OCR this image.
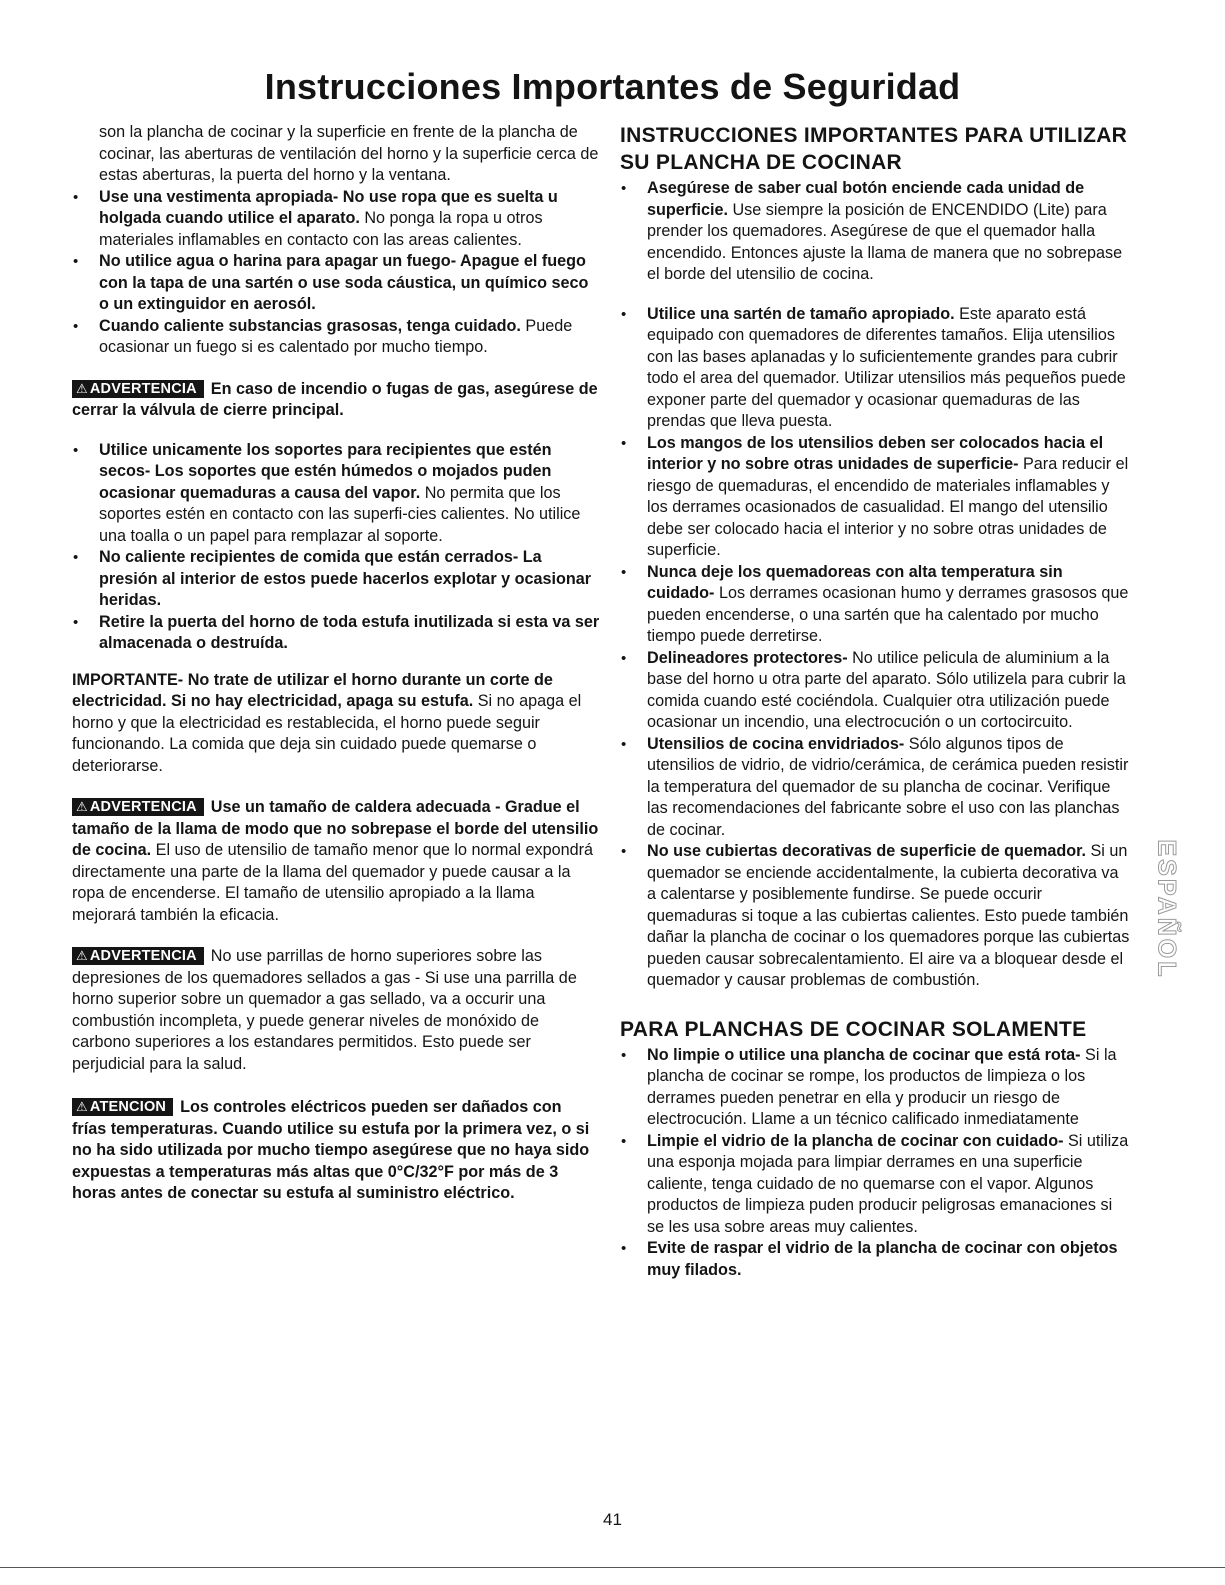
Instrucciones Importantes de Seguridad

son la plancha de cocinar y la superficie en frente de la plancha de cocinar, las aberturas de ventilación del horno y la superficie cerca de estas aberturas, la puerta del horno y la ventana.

• Use una vestimenta apropiada- No use ropa que es suelta u holgada cuando utilice el aparato. No ponga la ropa u otros materiales inflamables en contacto con las areas calientes.
• No utilice agua o harina para apagar un fuego- Apague el fuego con la tapa de una sartén o use soda cáustica, un químico seco o un extinguidor en aerosól.
• Cuando caliente substancias grasosas, tenga cuidado. Puede ocasionar un fuego si es calentado por mucho tiempo.

⚠ ADVERTENCIA En caso de incendio o fugas de gas, asegúrese de cerrar la válvula de cierre principal.

• Utilice unicamente los soportes para recipientes que estén secos- Los soportes que estén húmedos o mojados puden ocasionar quemaduras a causa del vapor. No permita que los soportes estén en contacto con las superfi-cies calientes. No utilice una toalla o un papel para remplazar al soporte.
• No caliente recipientes de comida que están cerrados- La presión al interior de estos puede hacerlos explotar y ocasionar heridas.
• Retire la puerta del horno de toda estufa inutilizada si esta va ser almacenada o destruída.

IMPORTANTE- No trate de utilizar el horno durante un corte de electricidad. Si no hay electricidad, apaga su estufa. Si no apaga el horno y que la electricidad es restablecida, el horno puede seguir funcionando. La comida que deja sin cuidado puede quemarse o deteriorarse.

⚠ ADVERTENCIA Use un tamaño de caldera adecuada - Gradue el tamaño de la llama de modo que no sobrepase el borde del utensilio de cocina. El uso de utensilio de tamaño menor que lo normal expondrá directamente una parte de la llama del quemador y puede causar a la ropa de encenderse. El tamaño de utensilio apropiado a la llama mejorará también la eficacia.

⚠ ADVERTENCIA No use parrillas de horno superiores sobre las depresiones de los quemadores sellados a gas - Si use una parrilla de horno superior sobre un quemador a gas sellado, va a occurir una combustión incompleta, y puede generar niveles de monóxido de carbono superiores a los estandares permitidos. Esto puede ser perjudicial para la salud.

⚠ ATENCION Los controles eléctricos pueden ser dañados con frías temperaturas. Cuando utilice su estufa por la primera vez, o si no ha sido utilizada por mucho tiempo asegúrese que no haya sido expuestas a temperaturas más altas que 0°C/32°F por más de 3 horas antes de conectar su estufa al suministro eléctrico.

INSTRUCCIONES IMPORTANTES PARA UTILIZAR SU PLANCHA DE COCINAR
• Asegúrese de saber cual botón enciende cada unidad de superficie. Use siempre la posición de ENCENDIDO (Lite) para prender los quemadores. Asegúrese de que el quemador halla encendido. Entonces ajuste la llama de manera que no sobrepase el borde del utensilio de cocina.
• Utilice una sartén de tamaño apropiado. Este aparato está equipado con quemadores de diferentes tamaños. Elija utensilios con las bases aplanadas y lo suficientemente grandes para cubrir todo el area del quemador. Utilizar utensilios más pequeños puede exponer parte del quemador y ocasionar quemaduras de las prendas que lleva puesta.
• Los mangos de los utensilios deben ser colocados hacia el interior y no sobre otras unidades de superficie- Para reducir el riesgo de quemaduras, el encendido de materiales inflamables y los derrames ocasionados de casualidad. El mango del utensilio debe ser colocado hacia el interior y no sobre otras unidades de superficie.
• Nunca deje los quemadoreas con alta temperatura sin cuidado- Los derrames ocasionan humo y derrames grasosos que pueden encenderse, o una sartén que ha calentado por mucho tiempo puede derretirse.
• Delineadores protectores- No utilice pelicula de aluminium a la base del horno u otra parte del aparato. Sólo utilizela para cubrir la comida cuando esté cociéndola. Cualquier otra utilización puede ocasionar un incendio, una electrocución o un cortocircuito.
• Utensilios de cocina envidriados- Sólo algunos tipos de utensilios de vidrio, de vidrio/cerámica, de cerámica pueden resistir la temperatura del quemador de su plancha de cocinar. Verifique las recomendaciones del fabricante sobre el uso con las planchas de cocinar.
• No use cubiertas decorativas de superficie de quemador. Si un quemador se enciende accidentalmente, la cubierta decorativa va a calentarse y posiblemente fundirse. Se puede occurir quemaduras si toque a las cubiertas calientes. Esto puede también dañar la plancha de cocinar o los quemadores porque las cubiertas pueden causar sobrecalentamiento. El aire va a bloquear desde el quemador y causar problemas de combustión.
PARA PLANCHAS DE COCINAR SOLAMENTE
• No limpie o utilice una plancha de cocinar que está rota- Si la plancha de cocinar se rompe, los productos de limpieza o los derrames pueden penetrar en ella y producir un riesgo de electrocución. Llame a un técnico calificado inmediatamente
• Limpie el vidrio de la plancha de cocinar con cuidado- Si utiliza una esponja mojada para limpiar derrames en una superficie caliente, tenga cuidado de no quemarse con el vapor. Algunos productos de limpieza puden producir peligrosas emanaciones si se les usa sobre areas muy calientes.
• Evite de raspar el vidrio de la plancha de cocinar con objetos muy filados.
ESPAÑOL
41
